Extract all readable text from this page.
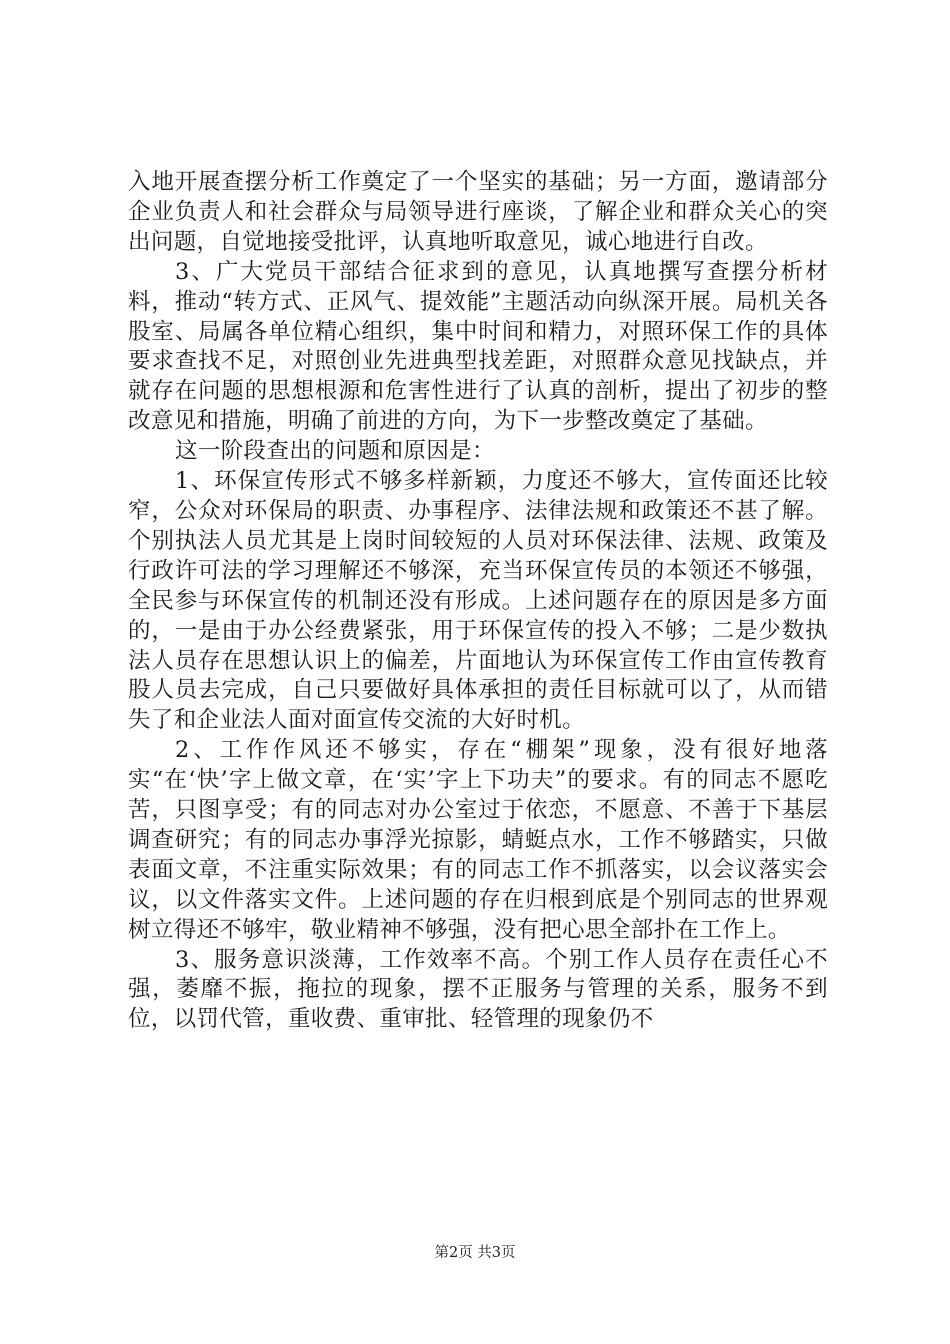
入地开展查摆分析工作奠定了一个坚实的基础；另一方面，邀请部分企业负责人和社会群众与局领导进行座谈，了解企业和群众关心的突出问题，自觉地接受批评，认真地听取意见，诚心地进行自改。

3、广大党员干部结合征求到的意见，认真地撰写查摆分析材料，推动“转方式、正风气、提效能”主题活动向纵深开展。局机关各股室、局属各单位精心组织，集中时间和精力，对照环保工作的具体要求查找不足，对照创业先进典型找差距，对照群众意见找缺点，并就存在问题的思想根源和危害性进行了认真的剖析，提出了初步的整改意见和措施，明确了前进的方向，为下一步整改奠定了基础。

这一阶段查出的问题和原因是：

1、环保宣传形式不够多样新颖，力度还不够大，宣传面还比较窄，公众对环保局的职责、办事程序、法律法规和政策还不甚了解。个别执法人员尤其是上岗时间较短的人员对环保法律、法规、政策及行政许可法的学习理解还不够深，充当环保宣传员的本领还不够强，全民参与环保宣传的机制还没有形成。上述问题存在的原因是多方面的，一是由于办公经费紧张，用于环保宣传的投入不够；二是少数执法人员存在思想认识上的偏差，片面地认为环保宣传工作由宣传教育股人员去完成，自己只要做好具体承担的责任目标就可以了，从而错失了和企业法人面对面宣传交流的大好时机。

2、工作作风还不够实，存在“棚架”现象，没有很好地落实“在‘快’字上做文章，在‘实’字上下功夫”的要求。有的同志不愿吃苦，只图享受；有的同志对办公室过于依恋，不愿意、不善于下基层调查研究；有的同志办事浮光掠影，蜻蜓点水，工作不够踏实，只做表面文章，不注重实际效果；有的同志工作不抓落实，以会议落实会议，以文件落实文件。上述问题的存在归根到底是个别同志的世界观树立得还不够牢，敬业精神不够强，没有把心思全部扑在工作上。

3、服务意识淡薄，工作效率不高。个别工作人员存在责任心不强，萎靡不振，拖拉的现象，摆不正服务与管理的关系，服务不到位，以罚代管，重收费、重审批、轻管理的现象仍不

第2页 共3页
